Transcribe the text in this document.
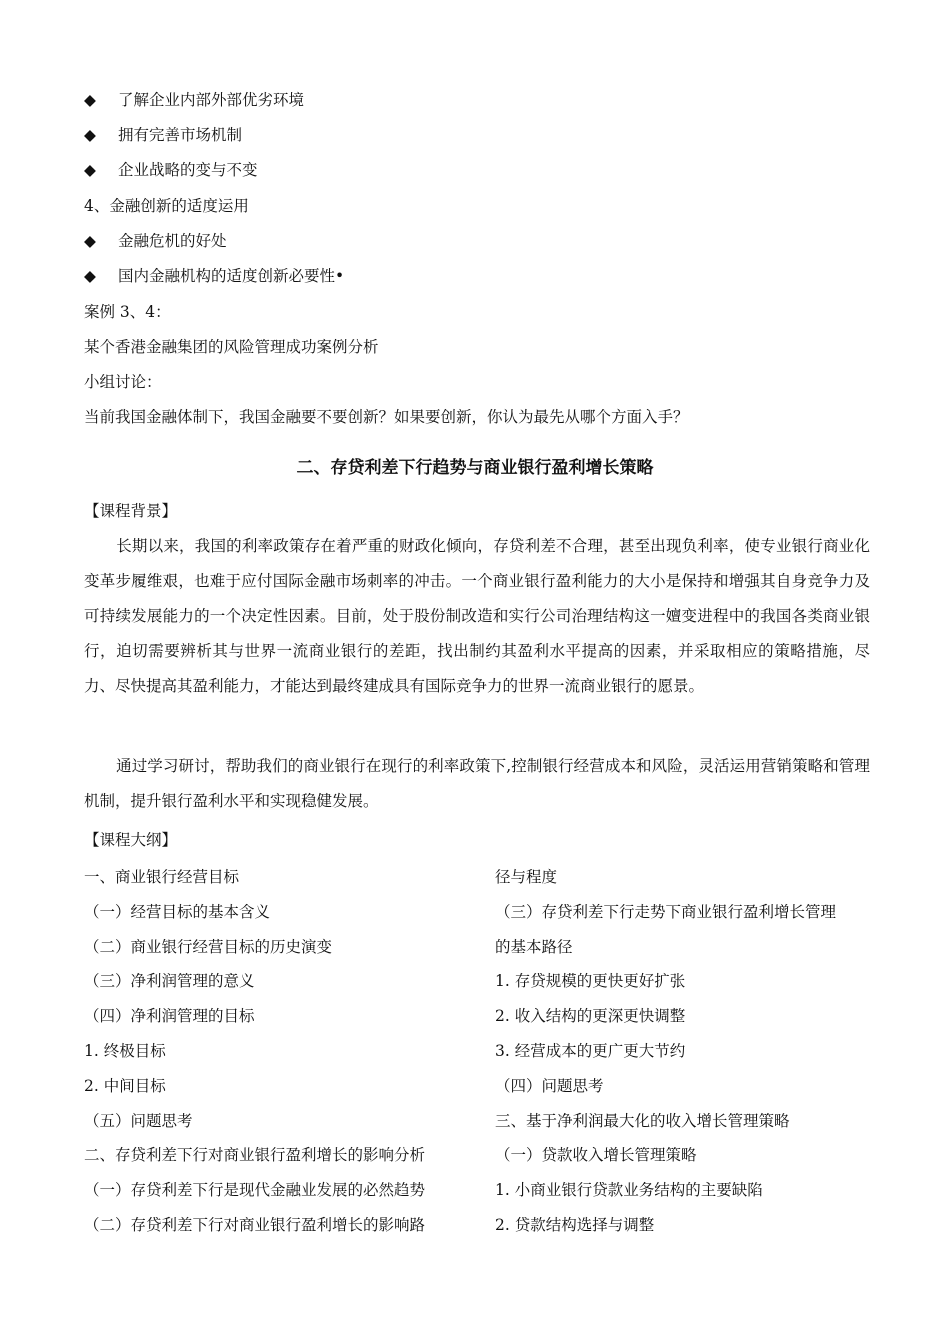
◆ 了解企业内部外部优劣环境
◆ 拥有完善市场机制
◆ 企业战略的变与不变
4、金融创新的适度运用
◆ 金融危机的好处
◆ 国内金融机构的适度创新必要性•
案例 3、4：
某个香港金融集团的风险管理成功案例分析
小组讨论：
当前我国金融体制下，我国金融要不要创新？如果要创新，你认为最先从哪个方面入手？
二、存贷利差下行趋势与商业银行盈利增长策略
【课程背景】
长期以来，我国的利率政策存在着严重的财政化倾向，存贷利差不合理，甚至出现负利率，使专业银行商业化变革步履维艰，也难于应付国际金融市场刺率的冲击。一个商业银行盈利能力的大小是保持和增强其自身竞争力及可持续发展能力的一个决定性因素。目前，处于股份制改造和实行公司治理结构这一嬗变进程中的我国各类商业银行，迫切需要辨析其与世界一流商业银行的差距，找出制约其盈利水平提高的因素，并采取相应的策略措施，尽力、尽快提高其盈利能力，才能达到最终建成具有国际竞争力的世界一流商业银行的愿景。
通过学习研讨，帮助我们的商业银行在现行的利率政策下,控制银行经营成本和风险，灵活运用营销策略和管理机制，提升银行盈利水平和实现稳健发展。
【课程大纲】
一、商业银行经营目标
（一）经营目标的基本含义
（二）商业银行经营目标的历史演变
（三）净利润管理的意义
（四）净利润管理的目标
1. 终极目标
2. 中间目标
（五）问题思考
二、存贷利差下行对商业银行盈利增长的影响分析
（一）存贷利差下行是现代金融业发展的必然趋势
（二）存贷利差下行对商业银行盈利增长的影响路
径与程度
（三）存贷利差下行走势下商业银行盈利增长管理
的基本路径
1. 存贷规模的更快更好扩张
2. 收入结构的更深更快调整
3. 经营成本的更广更大节约
（四）问题思考
三、基于净利润最大化的收入增长管理策略
（一）贷款收入增长管理策略
1. 小商业银行贷款业务结构的主要缺陷
2. 贷款结构选择与调整
